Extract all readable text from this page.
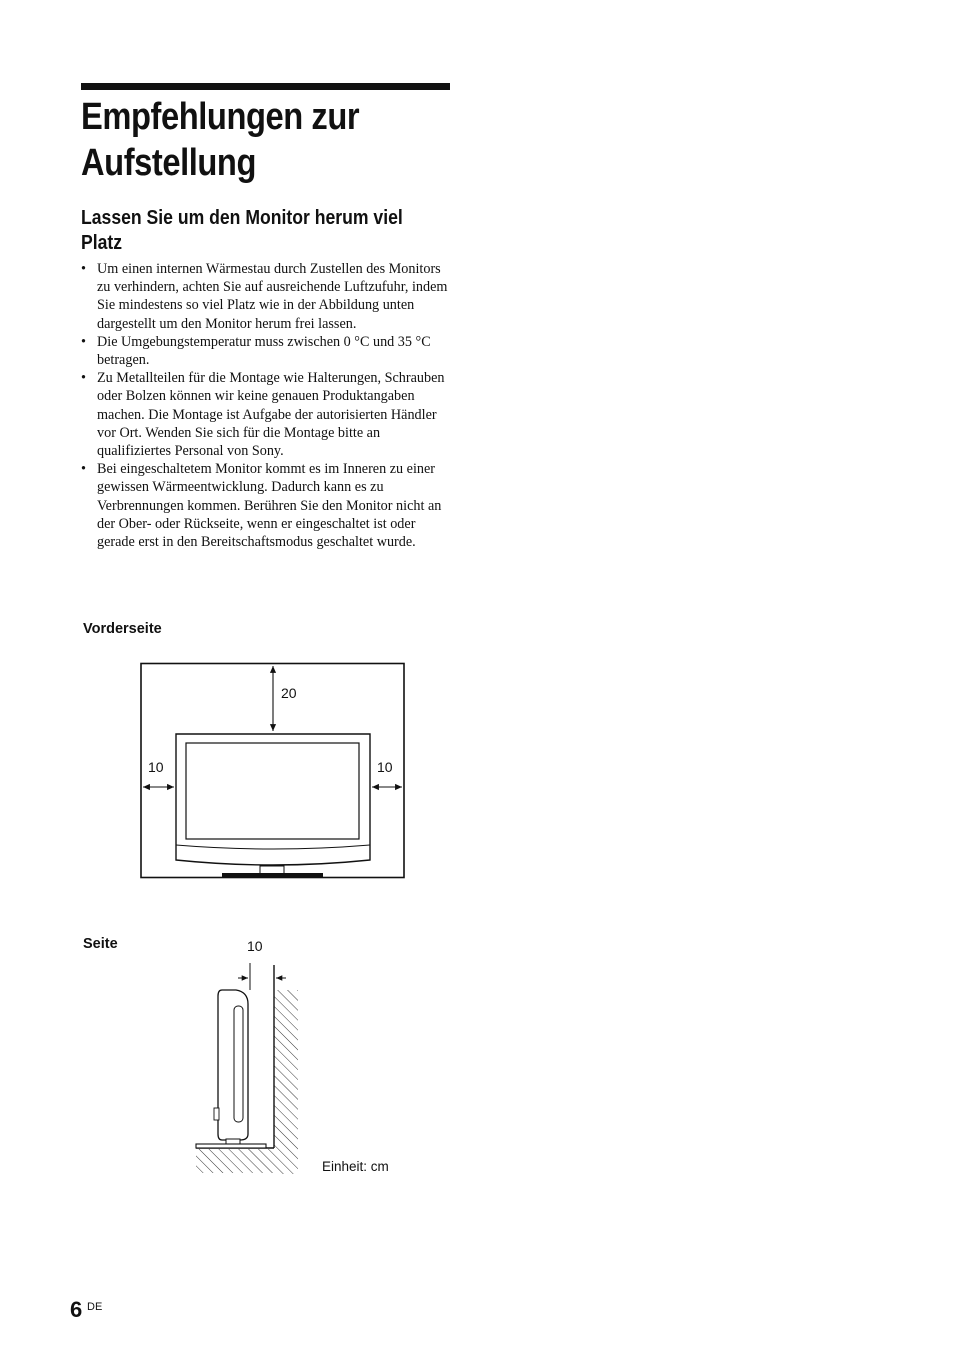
Empfehlungen zur
Aufstellung
Lassen Sie um den Monitor herum viel
Platz
• Um einen internen Wärmestau durch Zustellen des Monitors zu verhindern, achten Sie auf ausreichende Luftzufuhr, indem Sie mindestens so viel Platz wie in der Abbildung unten dargestellt um den Monitor herum frei lassen.
• Die Umgebungstemperatur muss zwischen 0 °C und 35 °C betragen.
• Zu Metallteilen für die Montage wie Halterungen, Schrauben oder Bolzen können wir keine genauen Produktangaben machen. Die Montage ist Aufgabe der autorisierten Händler vor Ort. Wenden Sie sich für die Montage bitte an qualifiziertes Personal von Sony.
• Bei eingeschaltetem Monitor kommt es im Inneren zu einer gewissen Wärmeentwicklung. Dadurch kann es zu Verbrennungen kommen. Berühren Sie den Monitor nicht an der Ober- oder Rückseite, wenn er eingeschaltet ist oder gerade erst in den Bereitschaftsmodus geschaltet wurde.
Vorderseite
20
10	10
Seite	10
Einheit: cm
6 DE
